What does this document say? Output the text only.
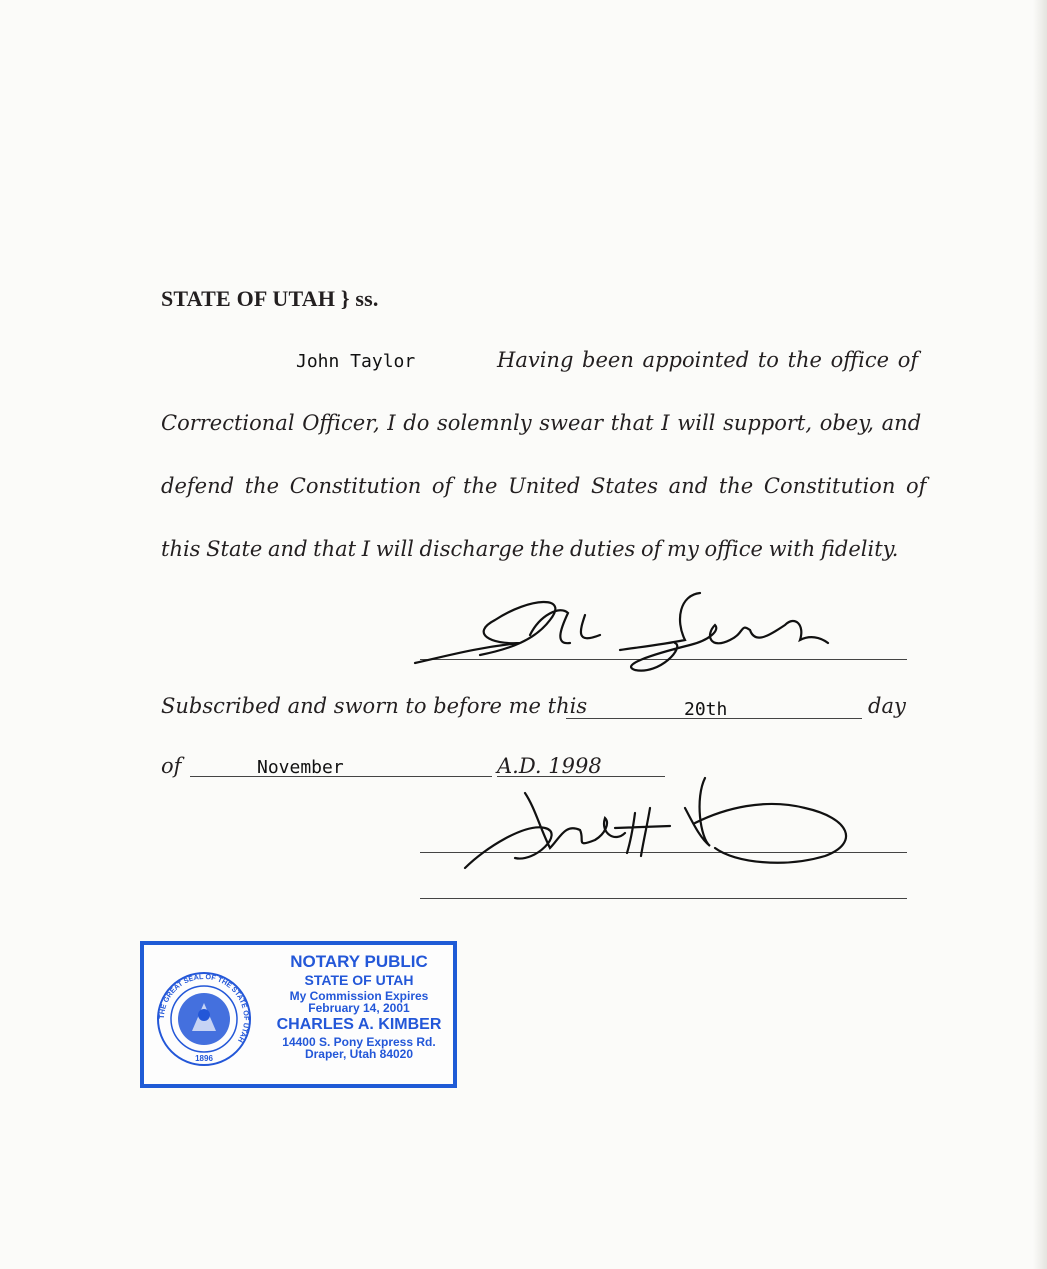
STATE OF UTAH } ss.
John Taylor	Having been appointed to the office of
Correctional Officer, I do solemnly swear that I will support, obey, and
defend the Constitution of the United States and the Constitution of
this State and that I will discharge the duties of my office with fidelity.
Subscribed and sworn to before me this	20th	day
of	November	A.D. 1998
THE GREAT SEAL OF THE STATE OF UTAH
1896
NOTARY PUBLIC
STATE OF UTAH
My Commission Expires
February 14, 2001
CHARLES A. KIMBER
14400 S. Pony Express Rd.
Draper, Utah 84020
